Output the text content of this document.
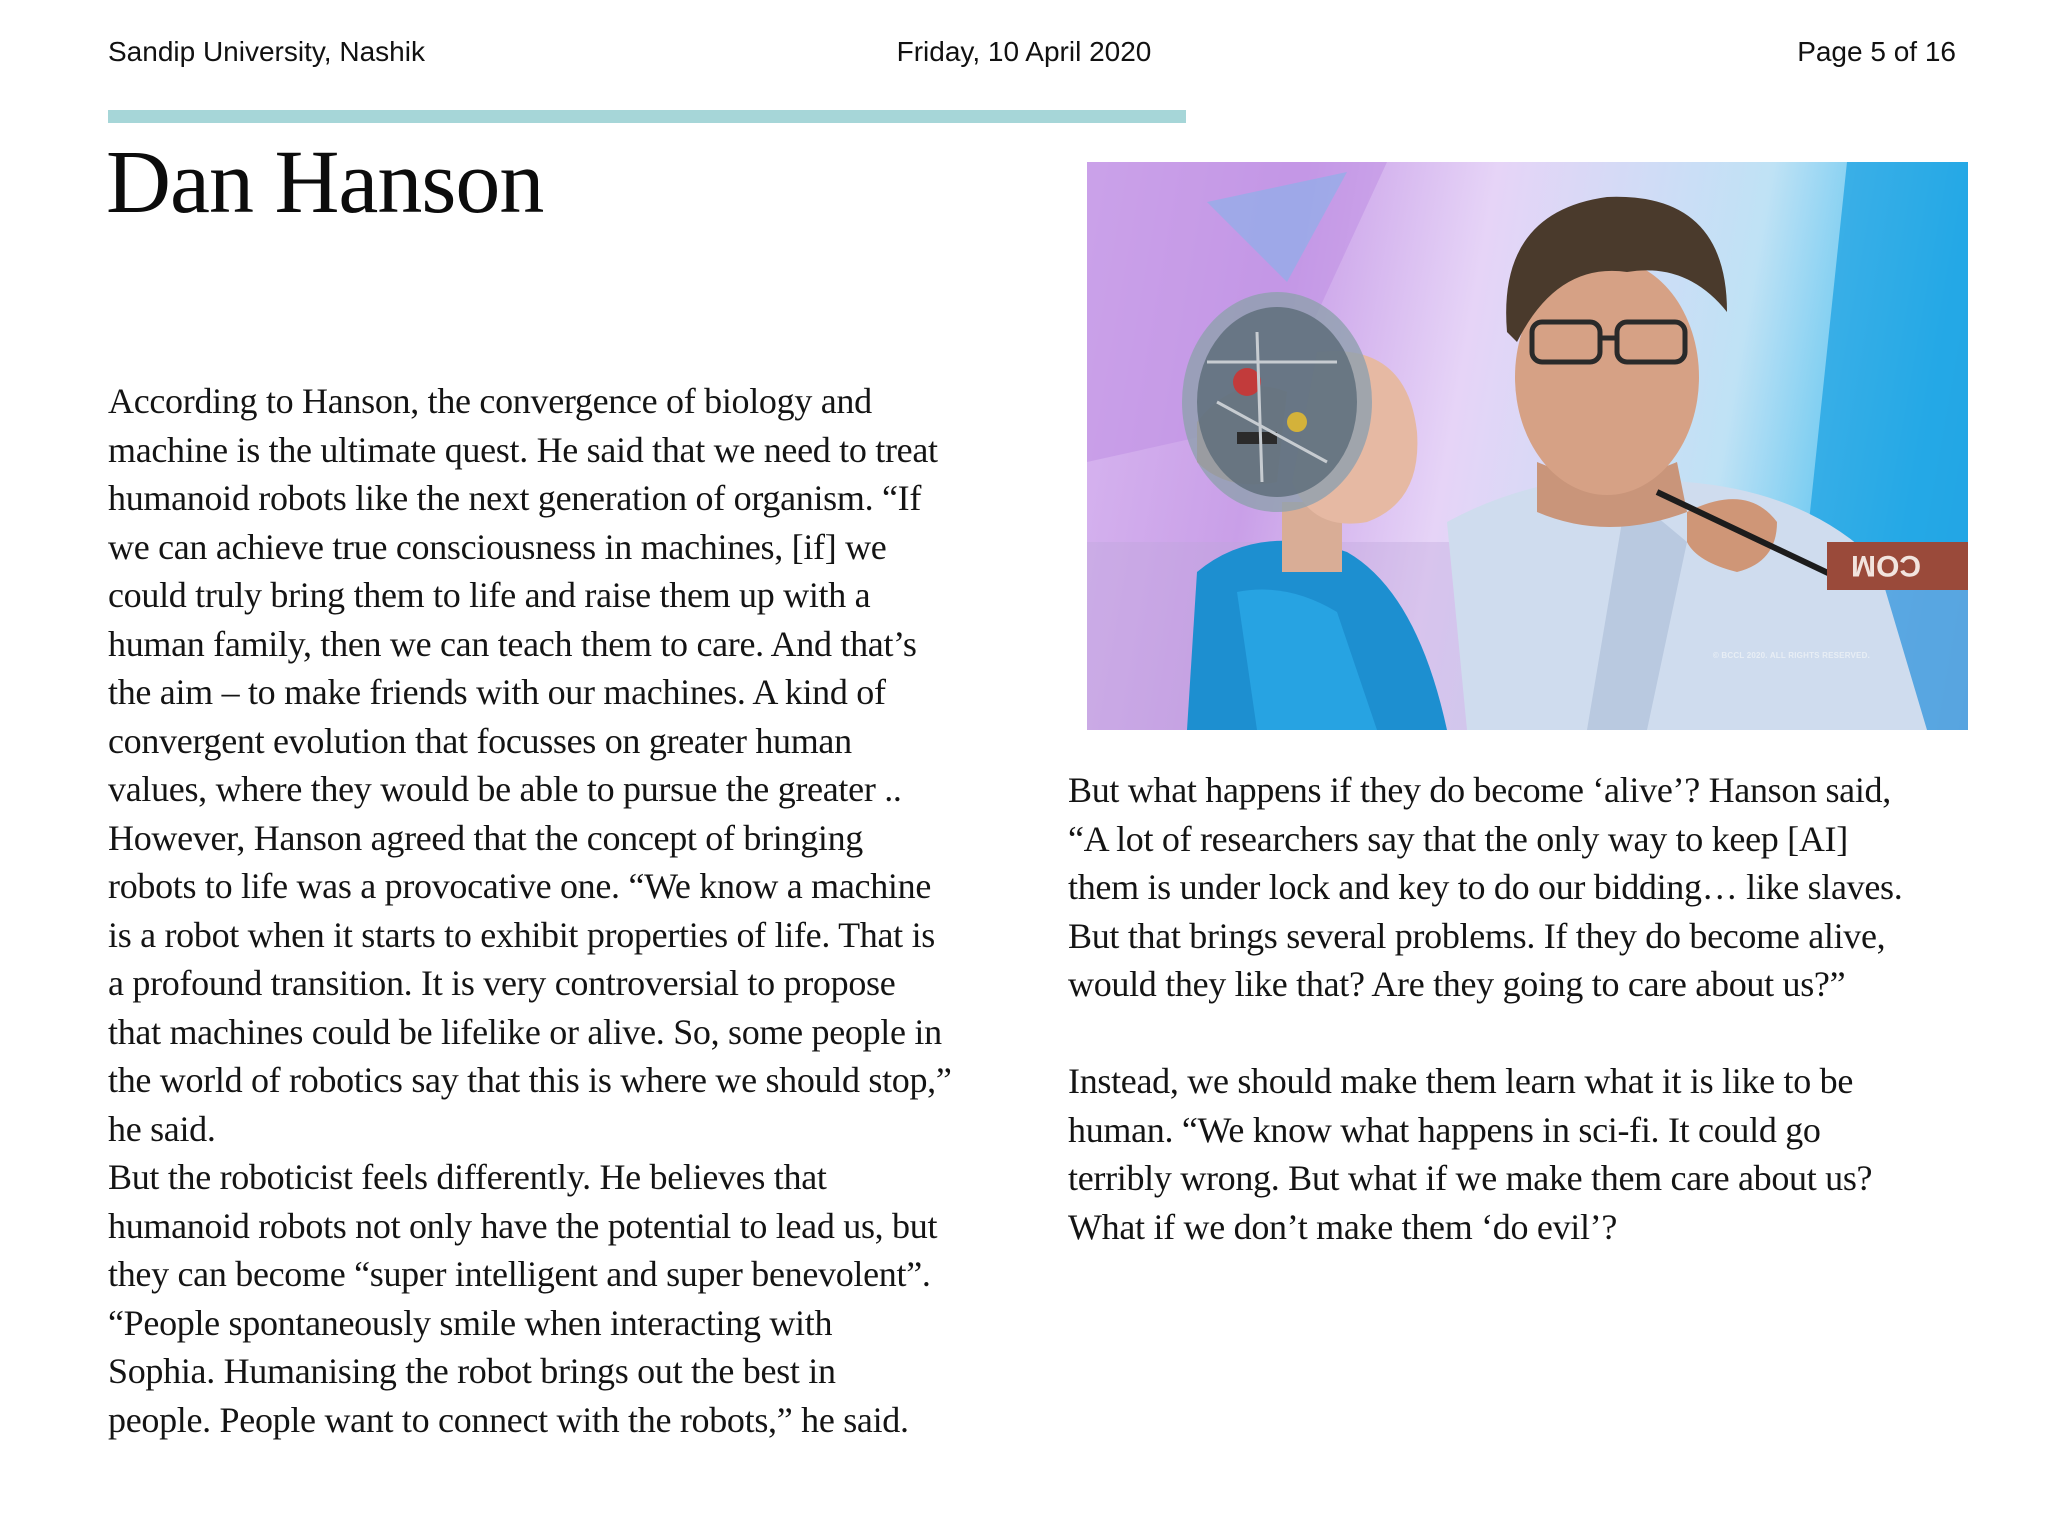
Sandip University, Nashik	Friday, 10 April 2020	Page 5 of 16
Dan Hanson
According to Hanson, the convergence of biology and
machine is the ultimate quest. He said that we need to treat
humanoid robots like the next generation of organism. “If
we can achieve true consciousness in machines, [if] we
could truly bring them to life and raise them up with a
human family, then we can teach them to care. And that’s
the aim – to make friends with our machines. A kind of
convergent evolution that focusses on greater human
values, where they would be able to pursue the greater ..
However, Hanson agreed that the concept of bringing
robots to life was a provocative one. “We know a machine
is a robot when it starts to exhibit properties of life. That is
a profound transition. It is very controversial to propose
that machines could be lifelike or alive. So, some people in
the world of robotics say that this is where we should stop,”
he said.
But the roboticist feels differently. He believes that
humanoid robots not only have the potential to lead us, but
they can become “super intelligent and super benevolent”.
“People spontaneously smile when interacting with
Sophia. Humanising the robot brings out the best in
people. People want to connect with the robots,” he said.
COM
© BCCL 2020. ALL RIGHTS RESERVED.
But what happens if they do become ‘alive’? Hanson said,
“A lot of researchers say that the only way to keep [AI]
them is under lock and key to do our bidding… like slaves.
But that brings several problems. If they do become alive,
would they like that? Are they going to care about us?”
Instead, we should make them learn what it is like to be
human. “We know what happens in sci-fi. It could go
terribly wrong. But what if we make them care about us?
What if we don’t make them ‘do evil’?
